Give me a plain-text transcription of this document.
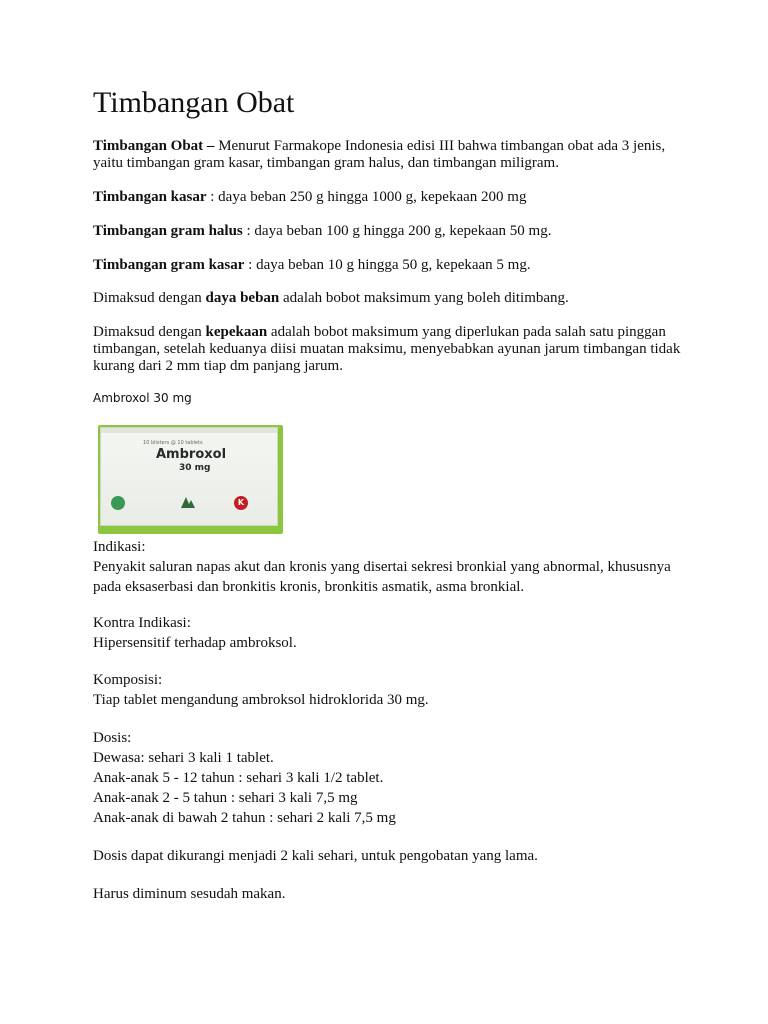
Timbangan Obat

Timbangan Obat – Menurut Farmakope Indonesia edisi III bahwa timbangan obat ada 3 jenis, yaitu timbangan gram kasar, timbangan gram halus, dan timbangan miligram.

Timbangan kasar : daya beban 250 g hingga 1000 g, kepekaan 200 mg

Timbangan gram halus : daya beban 100 g hingga 200 g, kepekaan 50 mg.

Timbangan gram kasar : daya beban 10 g hingga 50 g, kepekaan 5 mg.

Dimaksud dengan daya beban adalah bobot maksimum yang boleh ditimbang.

Dimaksud dengan kepekaan adalah bobot maksimum yang diperlukan pada salah satu pinggan timbangan, setelah keduanya diisi muatan maksimu, menyebabkan ayunan jarum timbangan tidak kurang dari 2 mm tiap dm panjang jarum.

Ambroxol 30 mg

10 blisters @ 10 tablets
Ambroxol
30 mg
K

Indikasi:

Penyakit saluran napas akut dan kronis yang disertai sekresi bronkial yang abnormal, khususnya pada eksaserbasi dan bronkitis kronis, bronkitis asmatik, asma bronkial.

Kontra Indikasi:

Hipersensitif terhadap ambroksol.

Komposisi:

Tiap tablet mengandung ambroksol hidroklorida 30 mg.

Dosis:

Dewasa: sehari 3 kali 1 tablet.

Anak-anak 5 - 12 tahun : sehari 3 kali 1/2 tablet.

Anak-anak 2 - 5 tahun : sehari 3 kali 7,5 mg

Anak-anak di bawah 2 tahun : sehari 2 kali 7,5 mg

Dosis dapat dikurangi menjadi 2 kali sehari, untuk pengobatan yang lama.

Harus diminum sesudah makan.
